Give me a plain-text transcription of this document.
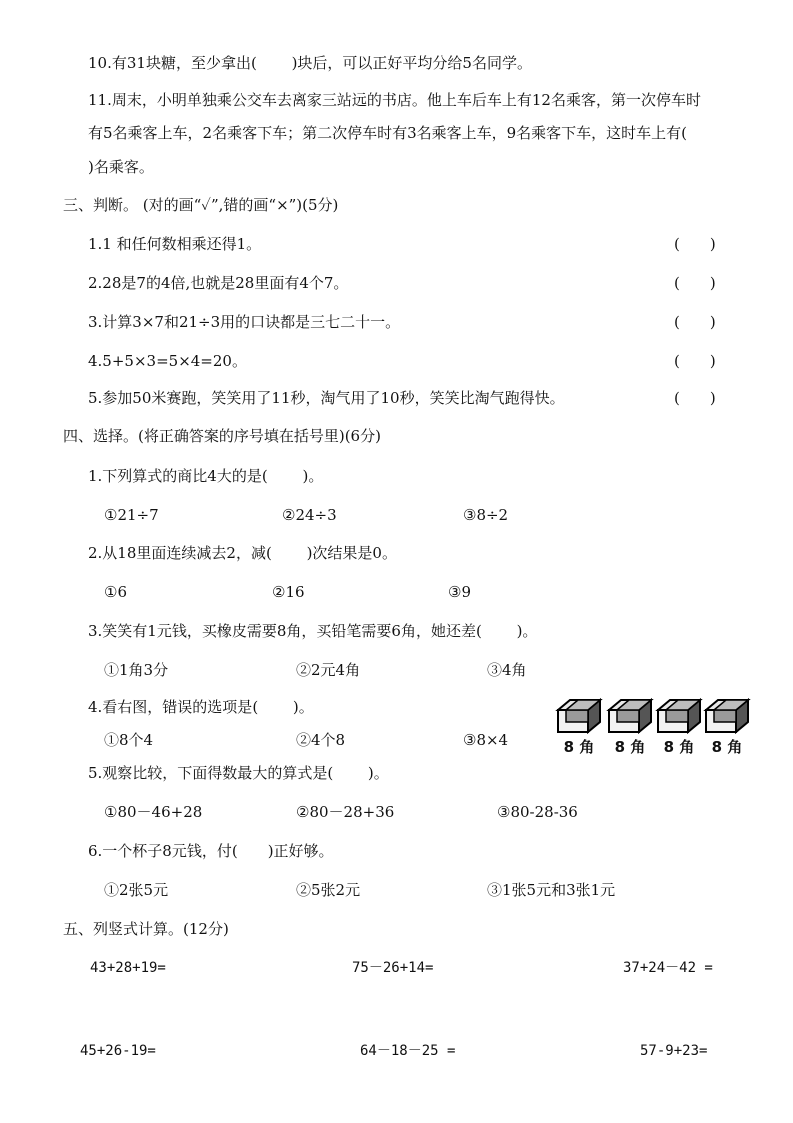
10.有31块糖，至少拿出(　　 )块后，可以正好平均分给5名同学。
11.周末，小明单独乘公交车去离家三站远的书店。他上车后车上有12名乘客，第一次停车时
有5名乘客上车，2名乘客下车；第二次停车时有3名乘客上车，9名乘客下车，这时车上有(
)名乘客。
三、判断。 (对的画“✓”,错的画“×”)(5分)
1.1 和任何数相乘还得1。	(　　)
2.28是7的4倍,也就是28里面有4个7。	(　　)
3.计算3×7和21÷3用的口诀都是三七二十一。	(　　)
4.5+5×3=5×4=20。	(　　)
5.参加50米赛跑，笑笑用了11秒，淘气用了10秒，笑笑比淘气跑得快。	(　　)
四、选择。(将正确答案的序号填在括号里)(6分)
1.下列算式的商比4大的是(　　 )。
①21÷7	②24÷3	③8÷2
2.从18里面连续减去2，减(　　 )次结果是0。
①6	②16	③9
3.笑笑有1元钱，买橡皮需要8角，买铅笔需要6角，她还差(　　 )。
①1角3分	②2元4角	③4角
4.看右图，错误的选项是(　　 )。
①8个4	②4个8	③8×4	8 角	8 角	8 角	8 角
5.观察比较，下面得数最大的算式是(　　 )。
①80－46+28	②80－28+36	③80-28-36
6.一个杯子8元钱，付(　　)正好够。
①2张5元	②5张2元	③1张5元和3张1元
五、列竖式计算。(12分)
43+28+19=	75－26+14=	37+24－42 =
45+26-19=	64－18－25 =	57-9+23=
